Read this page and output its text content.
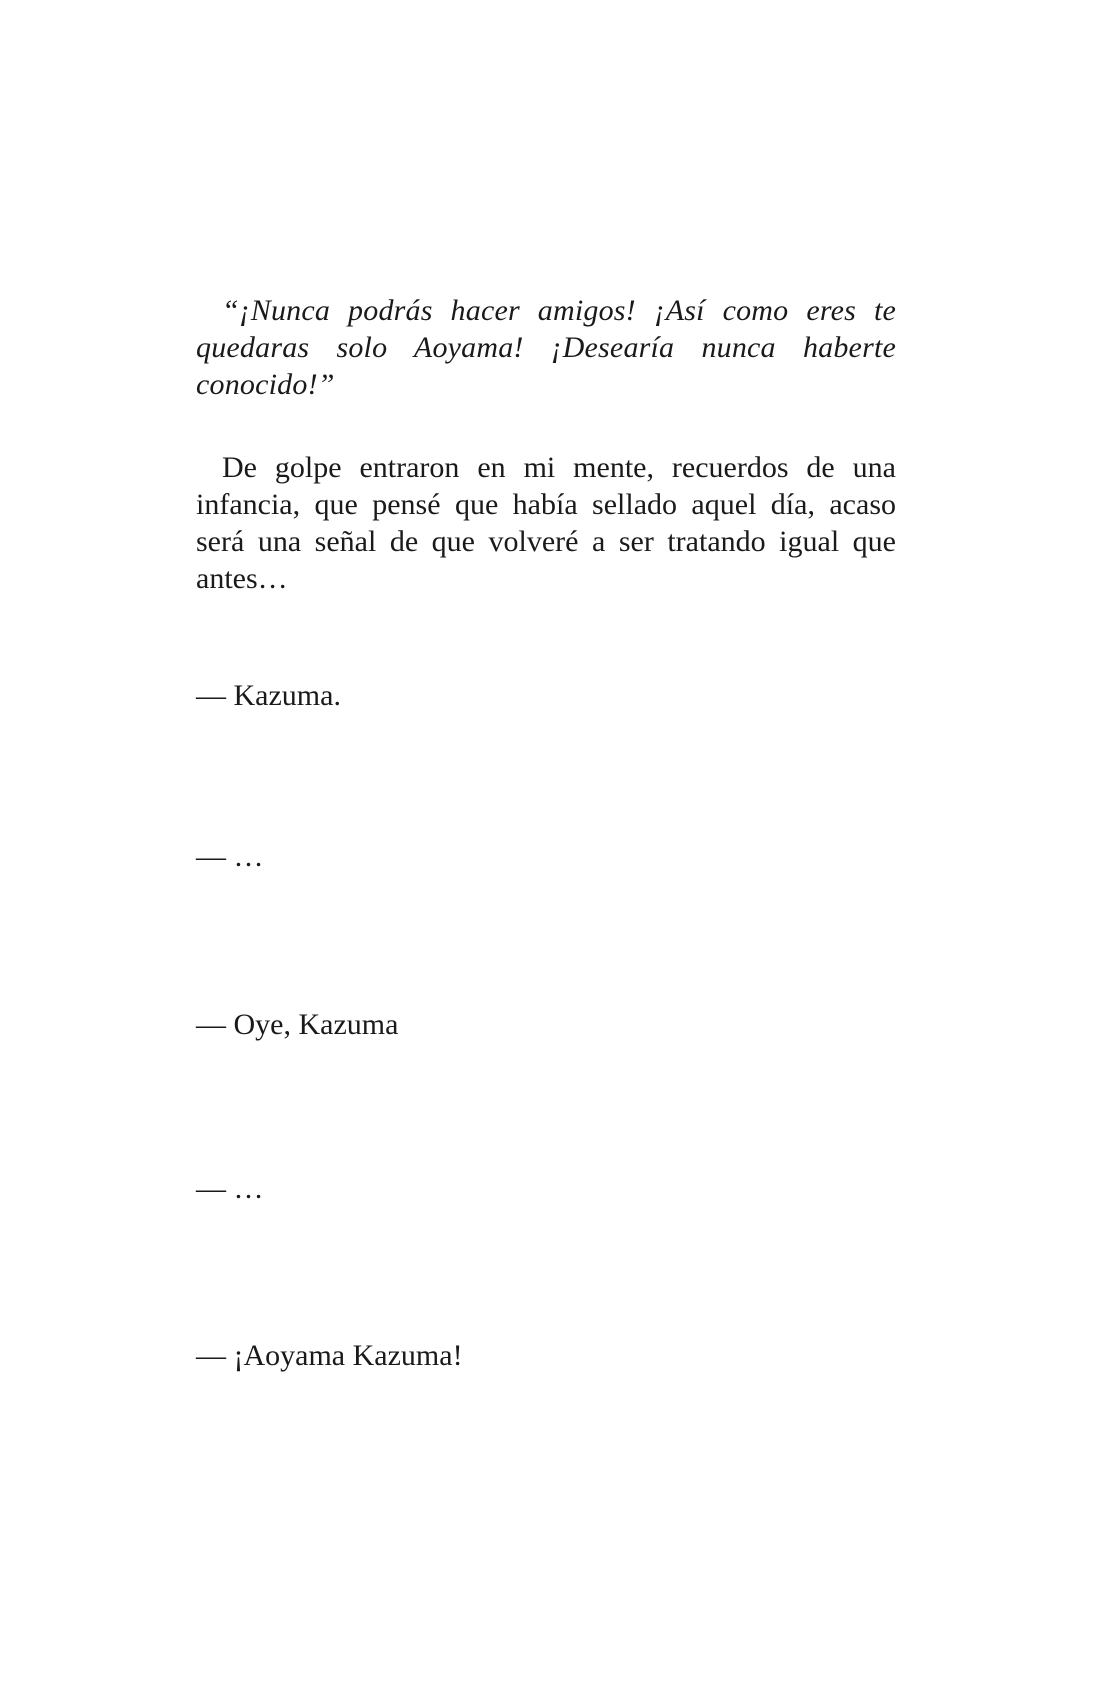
“¡Nunca podrás hacer amigos! ¡Así como eres te quedaras solo Aoyama! ¡Desearía nunca haberte conocido!”

De golpe entraron en mi mente, recuerdos de una infancia, que pensé que había sellado aquel día, acaso será una señal de que volveré a ser tratando igual que antes…

— Kazuma.

— …

— Oye, Kazuma

— …

— ¡Aoyama Kazuma!
